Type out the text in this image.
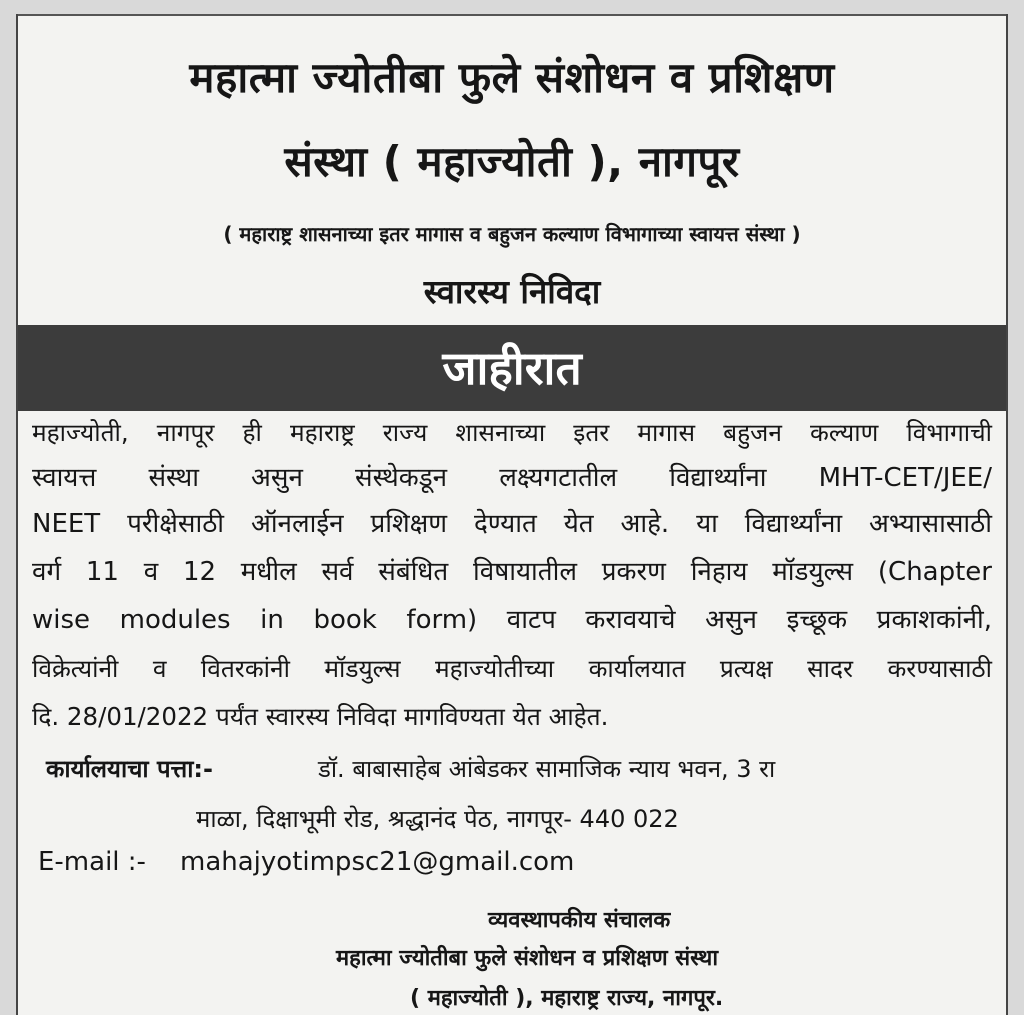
महात्मा ज्योतीबा फुले संशोधन व प्रशिक्षण
संस्था ( महाज्योती ), नागपूर
( महाराष्ट्र शासनाच्या इतर मागास व बहुजन कल्याण विभागाच्या स्वायत्त संस्था )
स्वारस्य निविदा
जाहीरात
महाज्योती, नागपूर ही महाराष्ट्र राज्य शासनाच्या इतर मागास बहुजन कल्याण विभागाची
स्वायत्त संस्था असुन संस्थेकडून लक्ष्यगटातील विद्यार्थ्यांना MHT-CET/JEE/
NEET परीक्षेसाठी ऑनलाईन प्रशिक्षण देण्यात येत आहे. या विद्यार्थ्यांना अभ्यासासाठी
वर्ग 11 व 12 मधील सर्व संबंधित विषायातील प्रकरण निहाय मॉडयुल्स (Chapter
wise modules in book form) वाटप करावयाचे असुन इच्छूक प्रकाशकांनी,
विक्रेत्यांनी व वितरकांनी मॉडयुल्स महाज्योतीच्या कार्यालयात प्रत्यक्ष सादर करण्यासाठी
दि. 28/01/2022 पर्यंत स्वारस्य निविदा मागविण्यता येत आहेत.
कार्यालयाचा पत्ता:-	डॉ. बाबासाहेब आंबेडकर सामाजिक न्याय भवन, 3 रा
माळा, दिक्षाभूमी रोड, श्रद्धानंद पेठ, नागपूर- 440 022
E-mail :- mahajyotimpsc21@gmail.com
व्यवस्थापकीय संचालक
महात्मा ज्योतीबा फुले संशोधन व प्रशिक्षण संस्था
( महाज्योती ), महाराष्ट्र राज्य, नागपूर.
